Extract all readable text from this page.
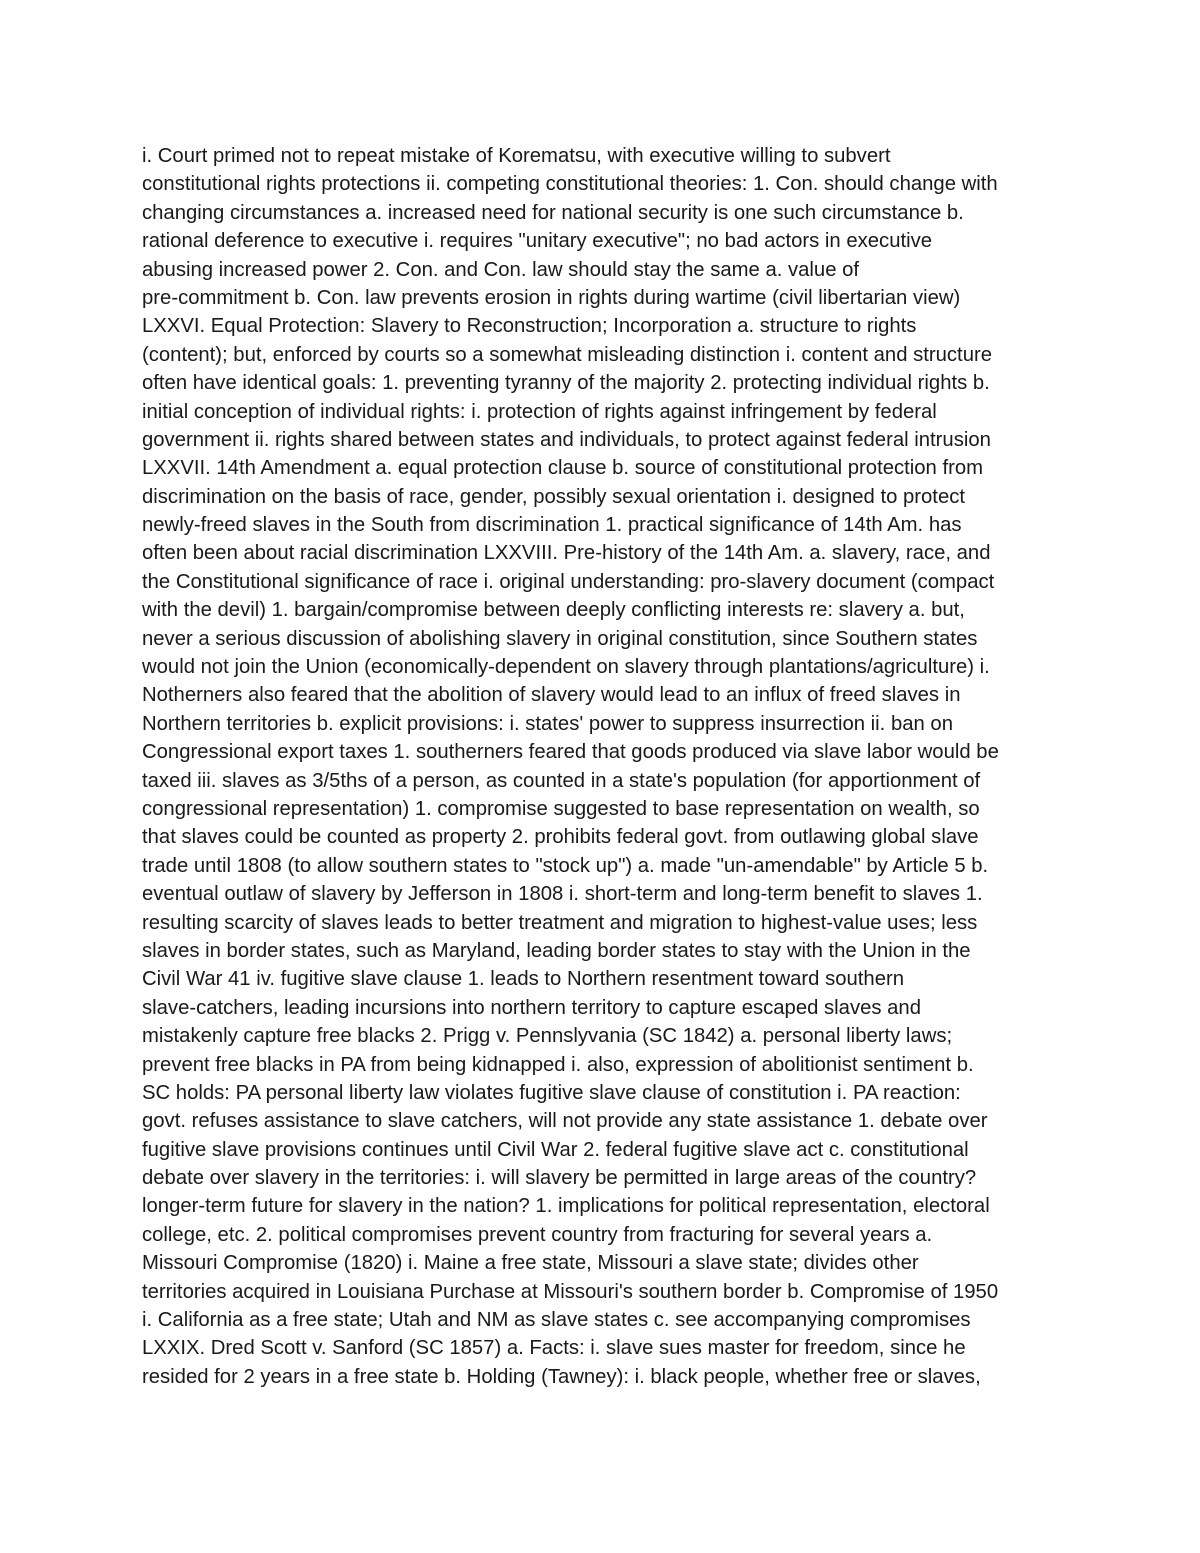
i. Court primed not to repeat mistake of Korematsu, with executive willing to subvert
constitutional rights protections ii. competing constitutional theories: 1. Con. should change with
changing circumstances a. increased need for national security is one such circumstance b.
rational deference to executive i. requires "unitary executive"; no bad actors in executive
abusing increased power 2. Con. and Con. law should stay the same a. value of
pre-commitment b. Con. law prevents erosion in rights during wartime (civil libertarian view)
LXXVI. Equal Protection: Slavery to Reconstruction; Incorporation a. structure to rights
(content); but, enforced by courts so a somewhat misleading distinction i. content and structure
often have identical goals: 1. preventing tyranny of the majority 2. protecting individual rights b.
initial conception of individual rights: i. protection of rights against infringement by federal
government ii. rights shared between states and individuals, to protect against federal intrusion
LXXVII. 14th Amendment a. equal protection clause b. source of constitutional protection from
discrimination on the basis of race, gender, possibly sexual orientation i. designed to protect
newly-freed slaves in the South from discrimination 1. practical significance of 14th Am. has
often been about racial discrimination LXXVIII. Pre-history of the 14th Am. a. slavery, race, and
the Constitutional significance of race i. original understanding: pro-slavery document (compact
with the devil) 1. bargain/compromise between deeply conflicting interests re: slavery a. but,
never a serious discussion of abolishing slavery in original constitution, since Southern states
would not join the Union (economically-dependent on slavery through plantations/agriculture) i.
Notherners also feared that the abolition of slavery would lead to an influx of freed slaves in
Northern territories b. explicit provisions: i. states' power to suppress insurrection ii. ban on
Congressional export taxes 1. southerners feared that goods produced via slave labor would be
taxed iii. slaves as 3/5ths of a person, as counted in a state's population (for apportionment of
congressional representation) 1. compromise suggested to base representation on wealth, so
that slaves could be counted as property 2. prohibits federal govt. from outlawing global slave
trade until 1808 (to allow southern states to "stock up") a. made "un-amendable" by Article 5 b.
eventual outlaw of slavery by Jefferson in 1808 i. short-term and long-term benefit to slaves 1.
resulting scarcity of slaves leads to better treatment and migration to highest-value uses; less
slaves in border states, such as Maryland, leading border states to stay with the Union in the
Civil War 41 iv. fugitive slave clause 1. leads to Northern resentment toward southern
slave-catchers, leading incursions into northern territory to capture escaped slaves and
mistakenly capture free blacks 2. Prigg v. Pennslyvania (SC 1842) a. personal liberty laws;
prevent free blacks in PA from being kidnapped i. also, expression of abolitionist sentiment b.
SC holds: PA personal liberty law violates fugitive slave clause of constitution i. PA reaction:
govt. refuses assistance to slave catchers, will not provide any state assistance 1. debate over
fugitive slave provisions continues until Civil War 2. federal fugitive slave act c. constitutional
debate over slavery in the territories: i. will slavery be permitted in large areas of the country?
longer-term future for slavery in the nation? 1. implications for political representation, electoral
college, etc. 2. political compromises prevent country from fracturing for several years a.
Missouri Compromise (1820) i. Maine a free state, Missouri a slave state; divides other
territories acquired in Louisiana Purchase at Missouri's southern border b. Compromise of 1950
i. California as a free state; Utah and NM as slave states c. see accompanying compromises
LXXIX. Dred Scott v. Sanford (SC 1857) a. Facts: i. slave sues master for freedom, since he
resided for 2 years in a free state b. Holding (Tawney): i. black people, whether free or slaves,
